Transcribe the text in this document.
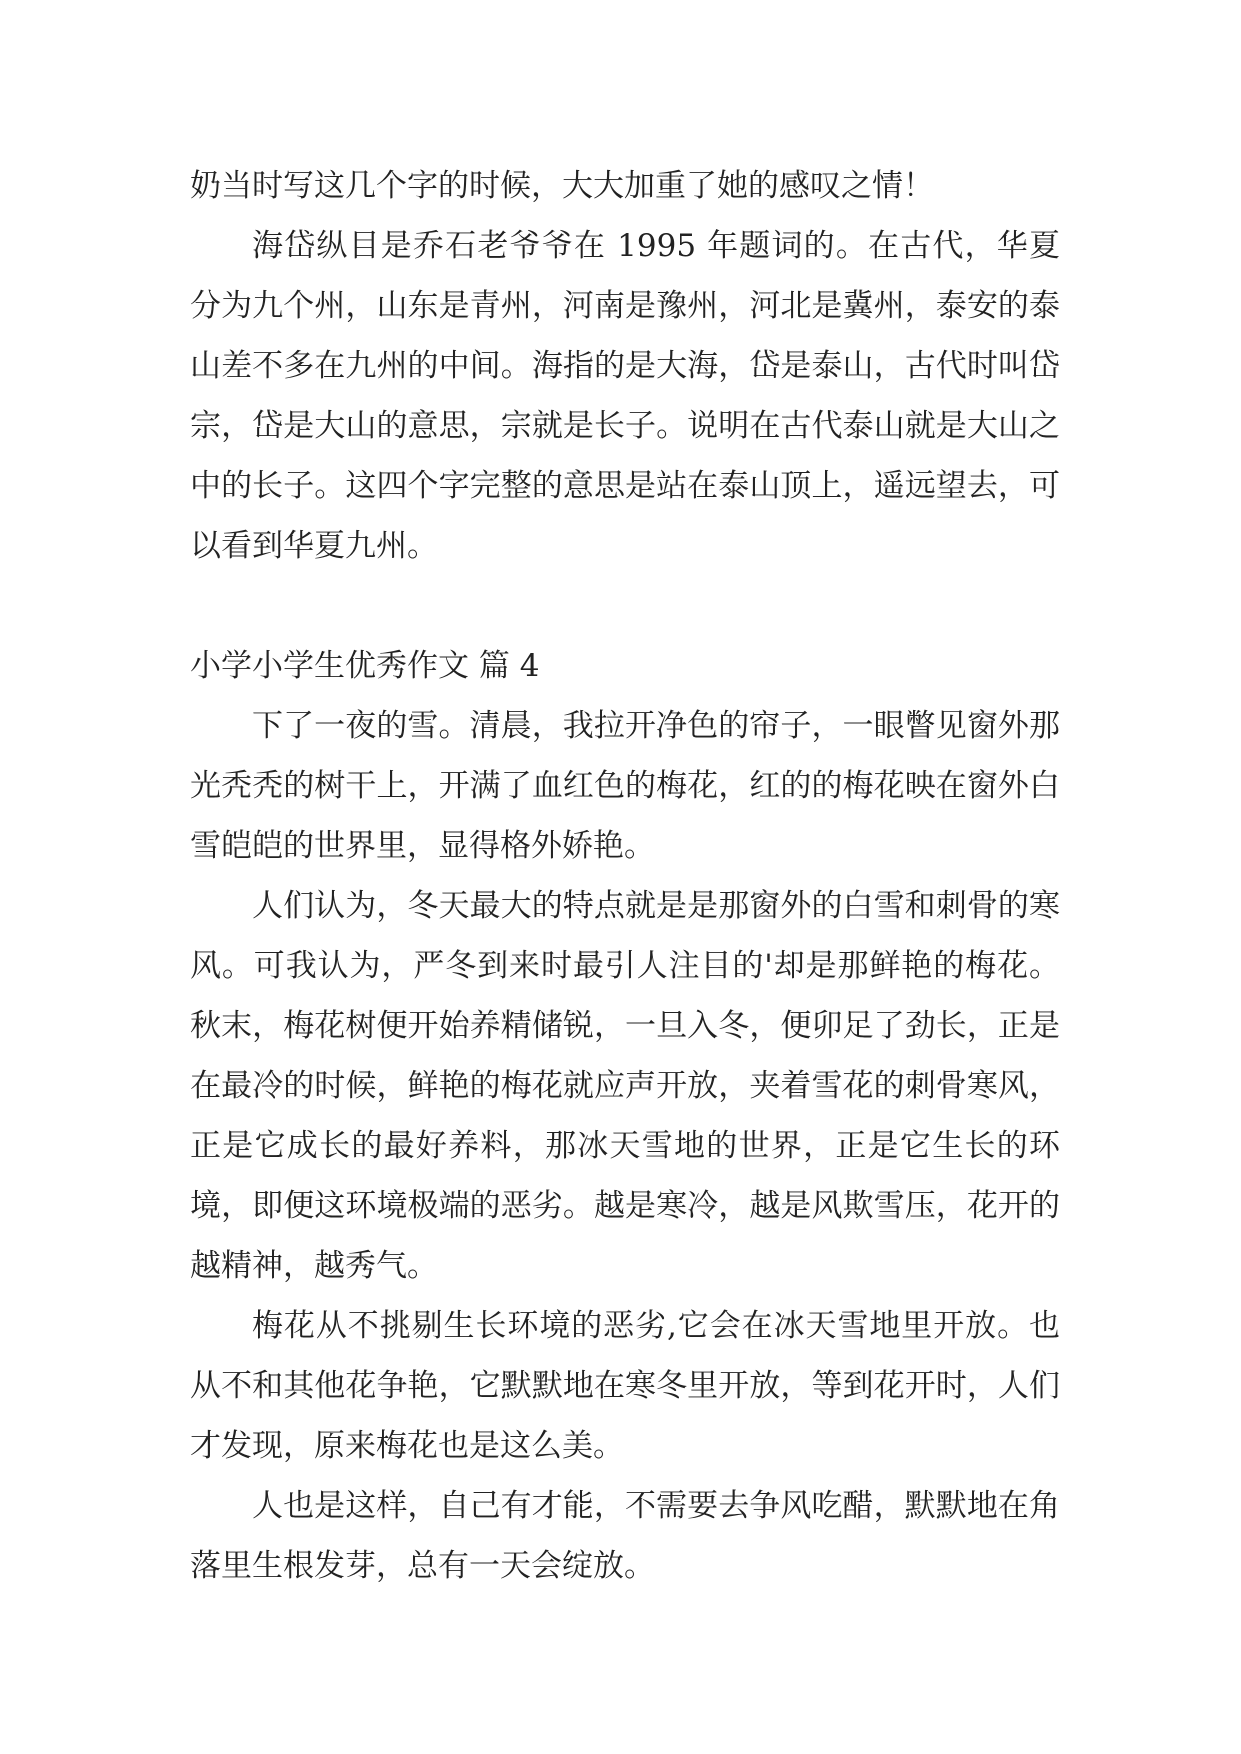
奶当时写这几个字的时候，大大加重了她的感叹之情！

海岱纵目是乔石老爷爷在 1995 年题词的。在古代，华夏分为九个州，山东是青州，河南是豫州，河北是冀州，泰安的泰山差不多在九州的中间。海指的是大海，岱是泰山，古代时叫岱宗，岱是大山的意思，宗就是长子。说明在古代泰山就是大山之中的长子。这四个字完整的意思是站在泰山顶上，遥远望去，可以看到华夏九州。

小学小学生优秀作文 篇 4

下了一夜的雪。清晨，我拉开净色的帘子，一眼瞥见窗外那光秃秃的树干上，开满了血红色的梅花，红的的梅花映在窗外白雪皑皑的世界里，显得格外娇艳。

人们认为，冬天最大的特点就是是那窗外的白雪和刺骨的寒风。可我认为，严冬到来时最引人注目的'却是那鲜艳的梅花。秋末，梅花树便开始养精储锐，一旦入冬，便卯足了劲长，正是在最冷的时候，鲜艳的梅花就应声开放，夹着雪花的刺骨寒风，正是它成长的最好养料，那冰天雪地的世界，正是它生长的环境，即便这环境极端的恶劣。越是寒冷，越是风欺雪压，花开的越精神，越秀气。

梅花从不挑剔生长环境的恶劣,它会在冰天雪地里开放。也从不和其他花争艳，它默默地在寒冬里开放，等到花开时，人们才发现，原来梅花也是这么美。

人也是这样，自己有才能，不需要去争风吃醋，默默地在角落里生根发芽，总有一天会绽放。
